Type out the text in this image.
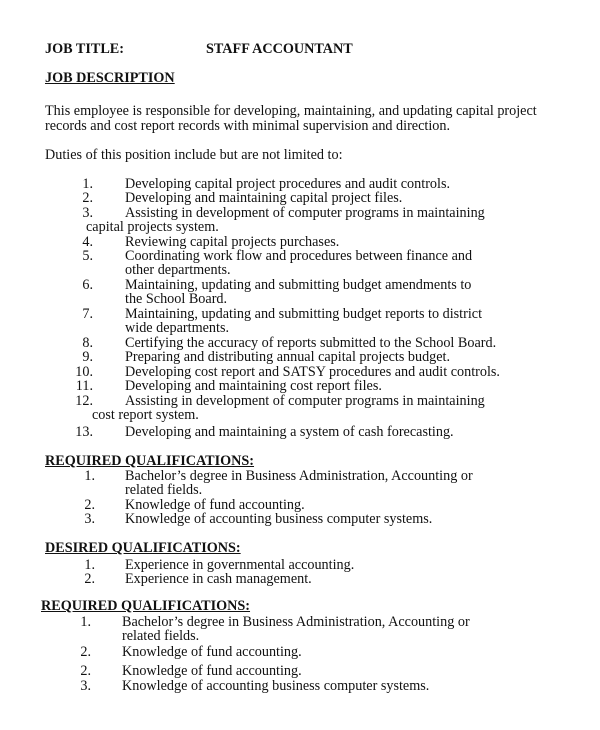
JOB TITLE:	STAFF ACCOUNTANT
JOB DESCRIPTION
This employee is responsible for developing, maintaining, and updating capital project
records and cost report records with minimal supervision and direction.
Duties of this position include but are not limited to:
1. Developing capital project procedures and audit controls.
2. Developing and maintaining capital project files.
3. Assisting in development of computer programs in maintaining
capital projects system.
4. Reviewing capital projects purchases.
5. Coordinating work flow and procedures between finance and
other departments.
6. Maintaining, updating and submitting budget amendments to
the School Board.
7. Maintaining, updating and submitting budget reports to district
wide departments.
8. Certifying the accuracy of reports submitted to the School Board.
9. Preparing and distributing annual capital projects budget.
10. Developing cost report and SATSY procedures and audit controls.
11. Developing and maintaining cost report files.
12. Assisting in development of computer programs in maintaining
cost report system.
13. Developing and maintaining a system of cash forecasting.
REQUIRED QUALIFICATIONS:
1. Bachelor’s degree in Business Administration, Accounting or
related fields.
2. Knowledge of fund accounting.
3. Knowledge of accounting business computer systems.
DESIRED QUALIFICATIONS:
1. Experience in governmental accounting.
2. Experience in cash management.
REQUIRED QUALIFICATIONS:
1. Bachelor’s degree in Business Administration, Accounting or
related fields.
2. Knowledge of fund accounting.
2. Knowledge of fund accounting.
3. Knowledge of accounting business computer systems.
